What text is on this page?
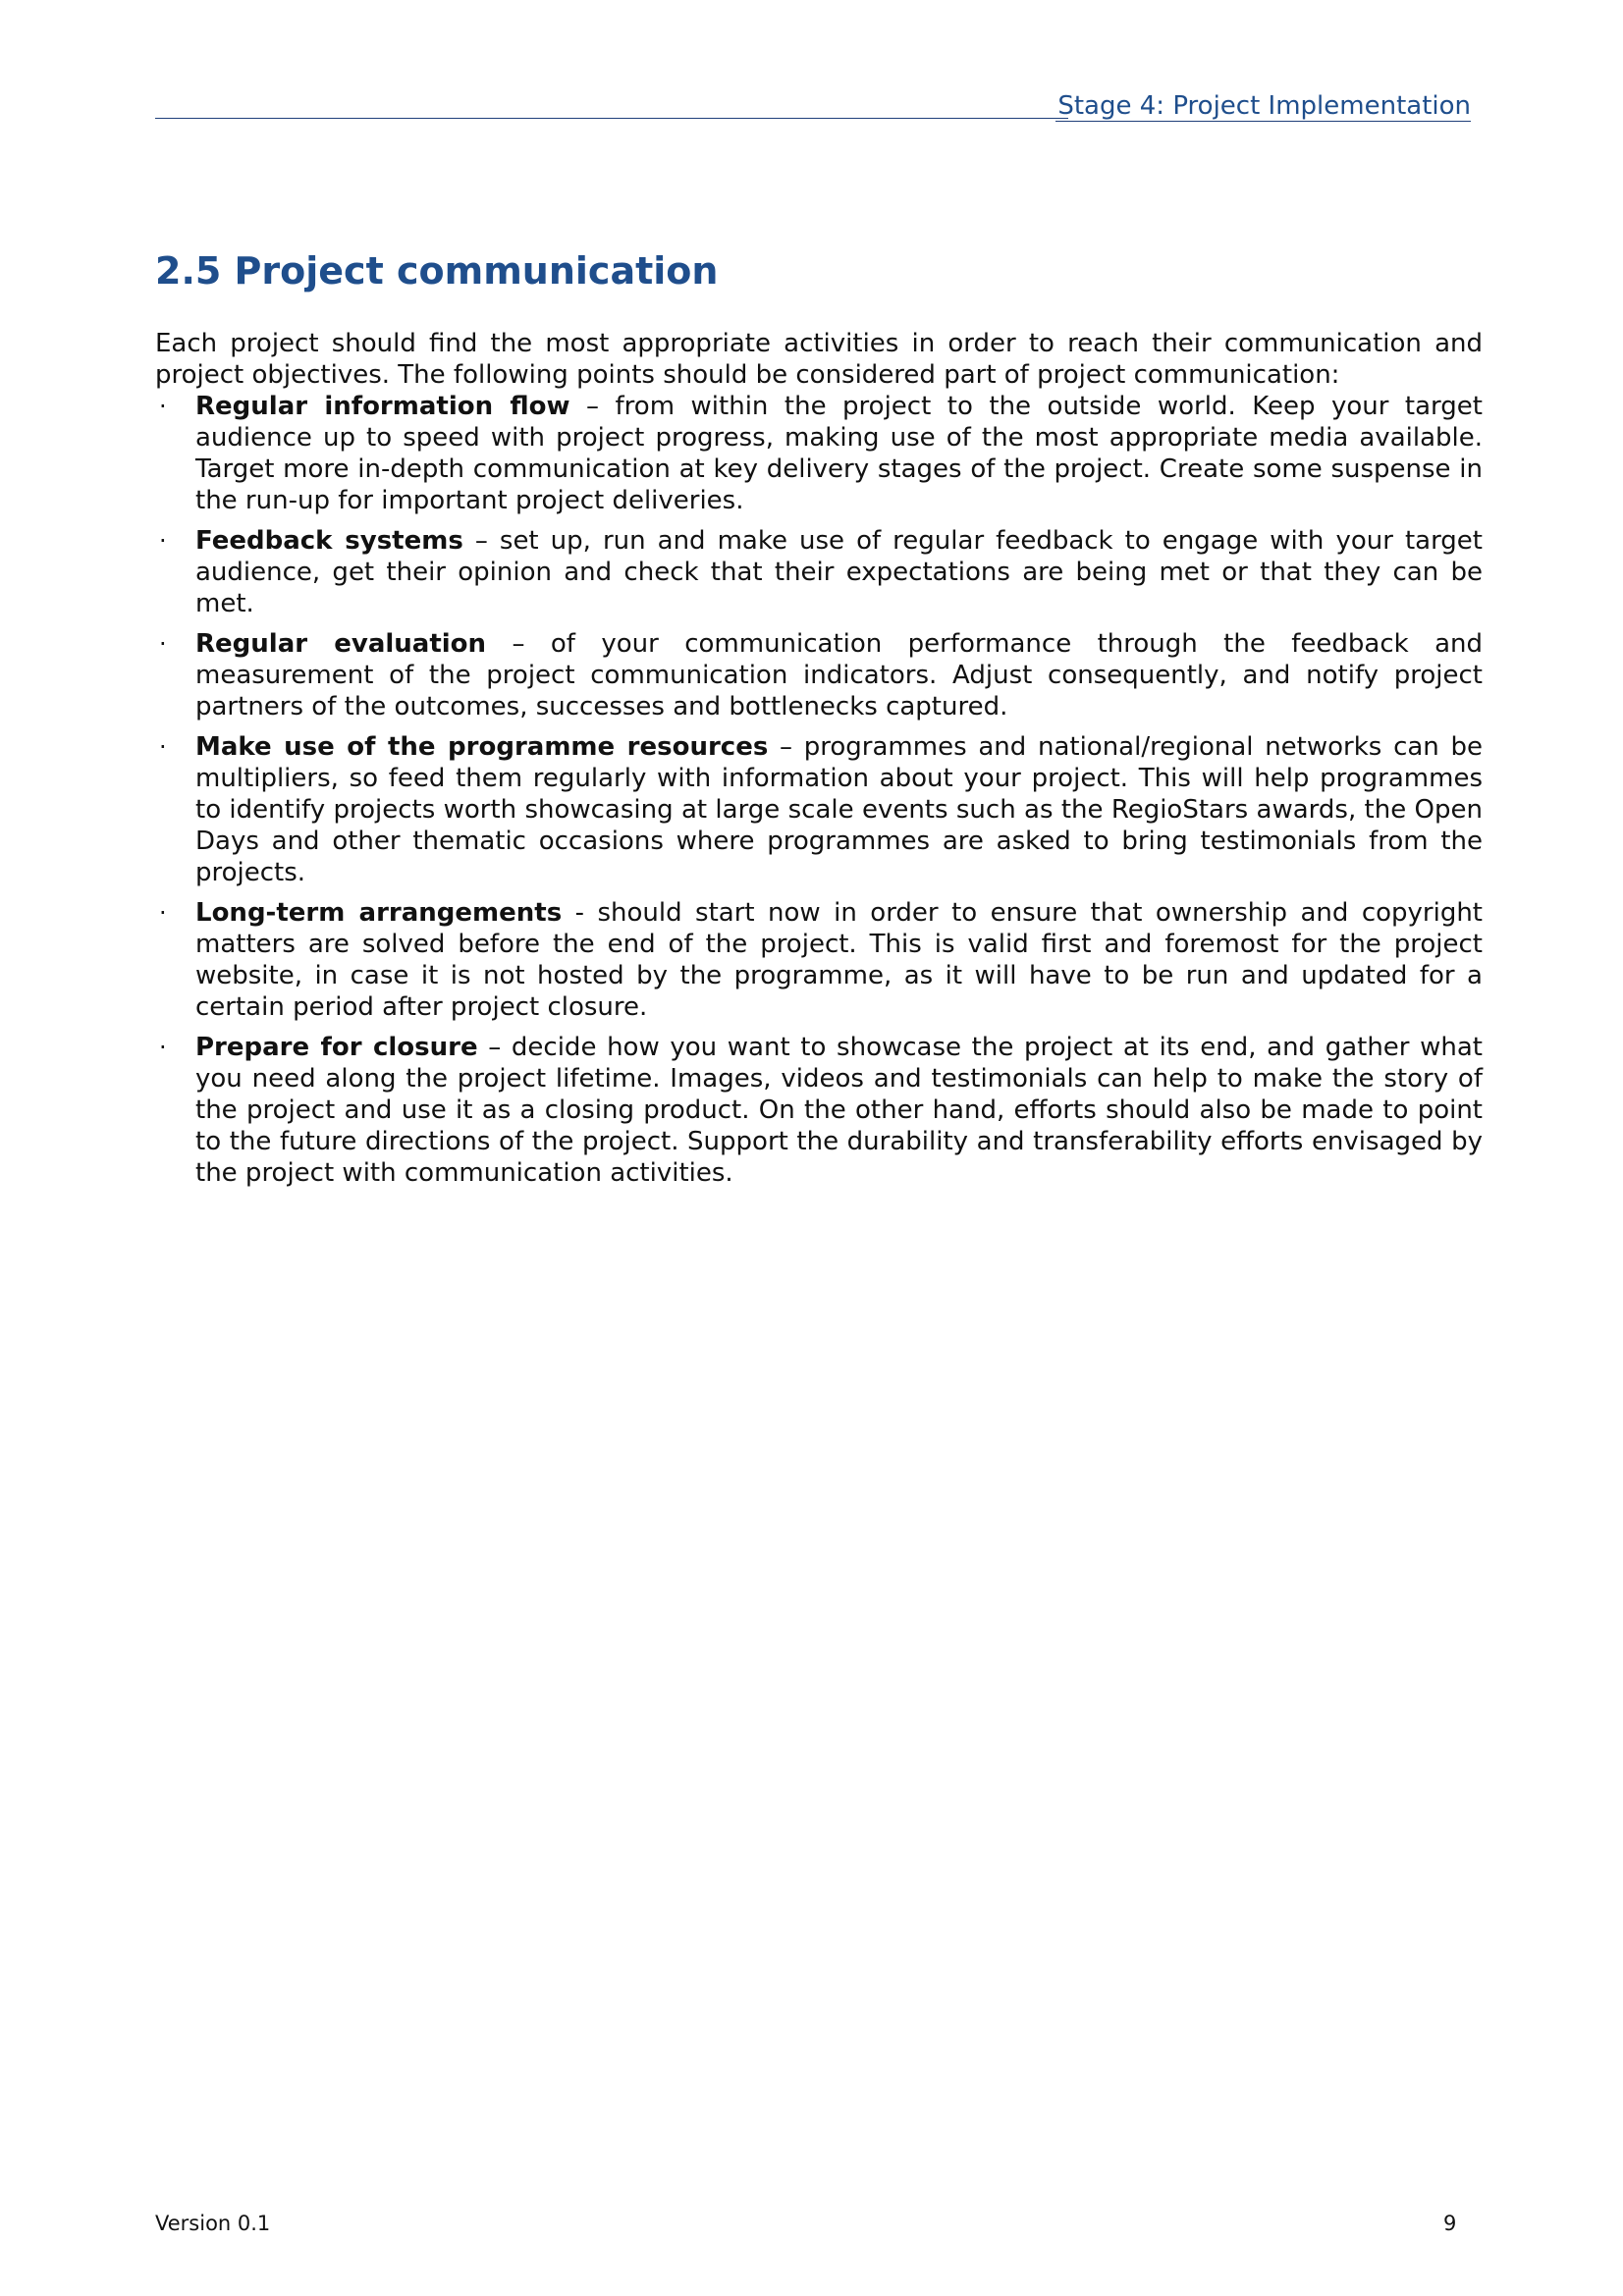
Stage 4: Project Implementation
2.5 Project communication

Each project should find the most appropriate activities in order to reach their communication and project objectives. The following points should be considered part of project communication:

· Regular information flow – from within the project to the outside world. Keep your target audience up to speed with project progress, making use of the most appropriate media available. Target more in-depth communication at key delivery stages of the project. Create some suspense in the run-up for important project deliveries.
· Feedback systems – set up, run and make use of regular feedback to engage with your target audience, get their opinion and check that their expectations are being met or that they can be met.
· Regular evaluation – of your communication performance through the feedback and measurement of the project communication indicators. Adjust consequently, and notify project partners of the outcomes, successes and bottlenecks captured.
· Make use of the programme resources – programmes and national/regional networks can be multipliers, so feed them regularly with information about your project. This will help programmes to identify projects worth showcasing at large scale events such as the RegioStars awards, the Open Days and other thematic occasions where programmes are asked to bring testimonials from the projects.
· Long-term arrangements - should start now in order to ensure that ownership and copyright matters are solved before the end of the project. This is valid first and foremost for the project website, in case it is not hosted by the programme, as it will have to be run and updated for a certain period after project closure.
· Prepare for closure – decide how you want to showcase the project at its end, and gather what you need along the project lifetime. Images, videos and testimonials can help to make the story of the project and use it as a closing product. On the other hand, efforts should also be made to point to the future directions of the project. Support the durability and transferability efforts envisaged by the project with communication activities.
Version 0.1	9
